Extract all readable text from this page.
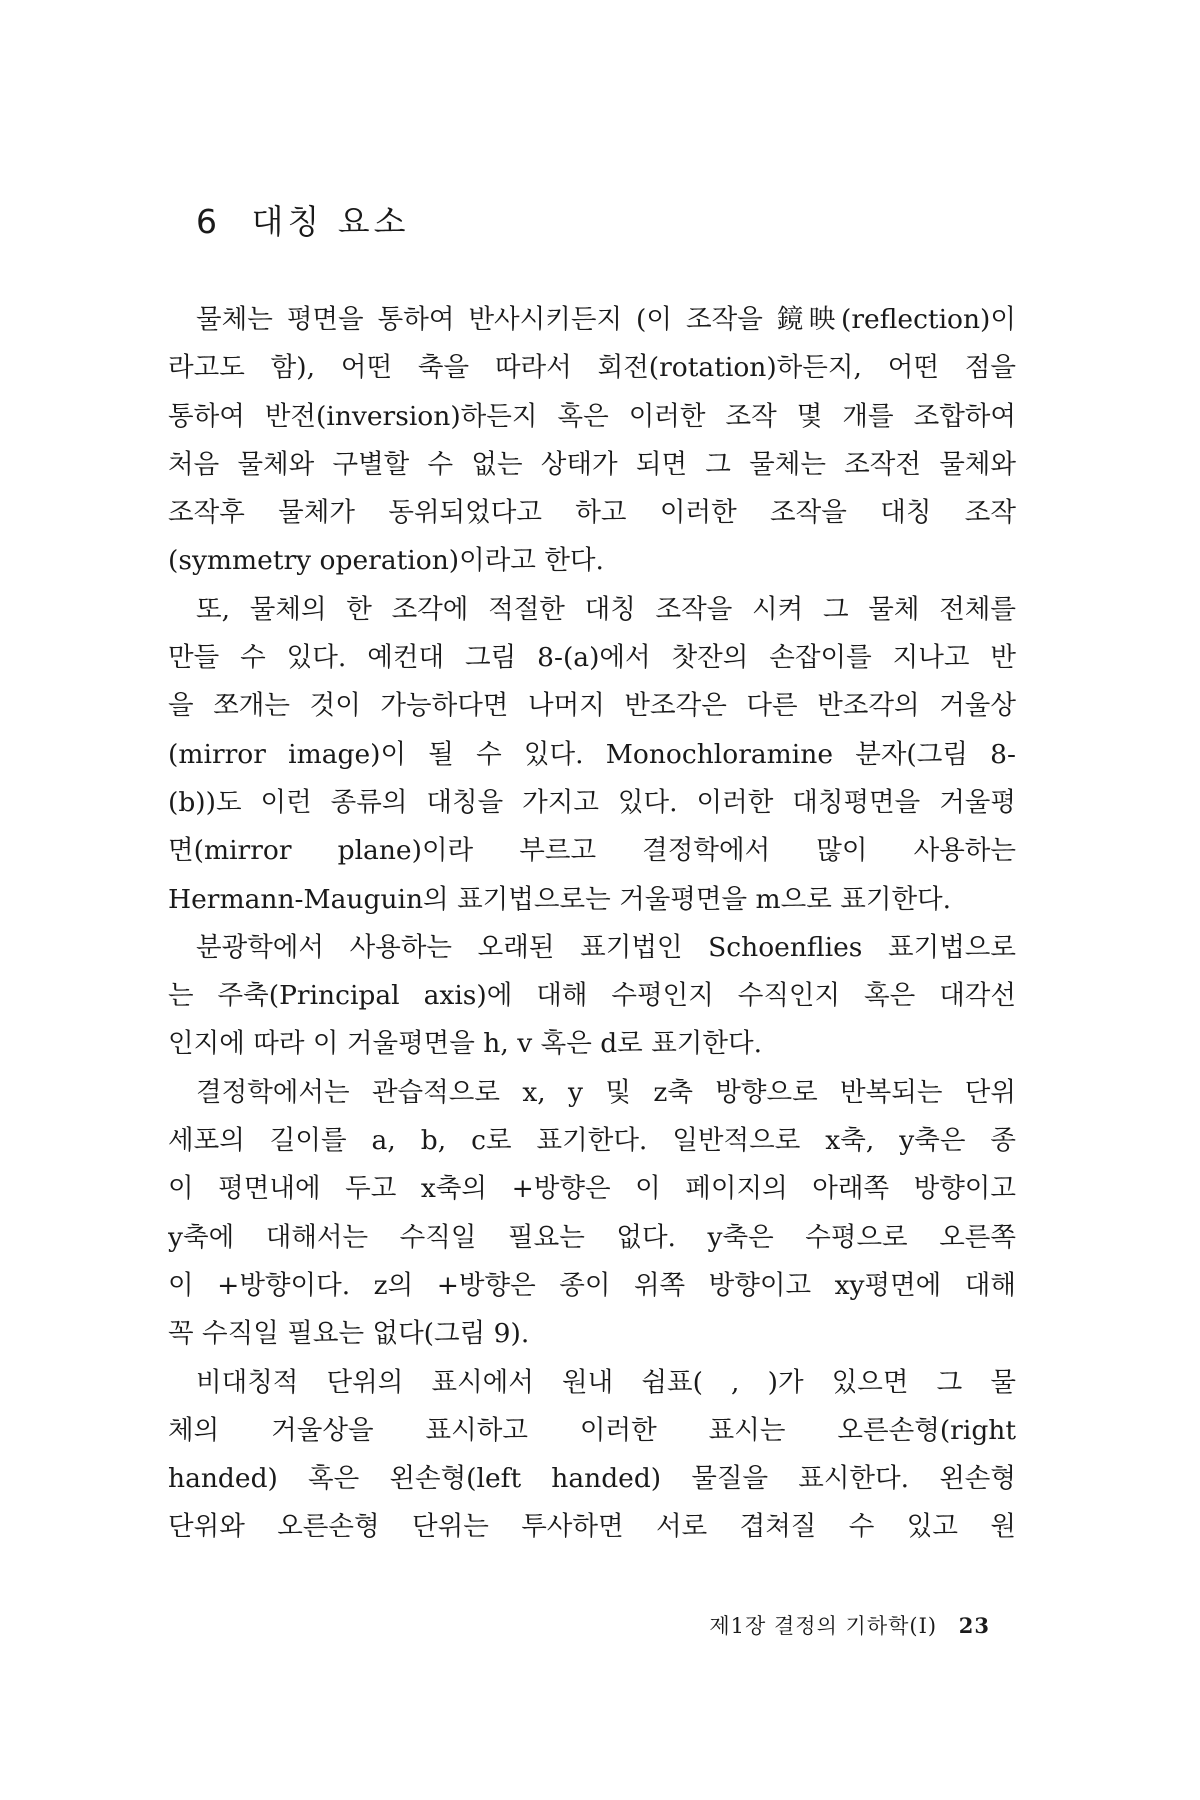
6 대칭 요소
물체는 평면을 통하여 반사시키든지 (이 조작을 鏡映(reflection)이
라고도 함), 어떤 축을 따라서 회전(rotation)하든지, 어떤 점을
통하여 반전(inversion)하든지 혹은 이러한 조작 몇 개를 조합하여
처음 물체와 구별할 수 없는 상태가 되면 그 물체는 조작전 물체와
조작후 물체가 동위되었다고 하고 이러한 조작을 대칭 조작
(symmetry operation)이라고 한다.
또, 물체의 한 조각에 적절한 대칭 조작을 시켜 그 물체 전체를
만들 수 있다. 예컨대 그림 8-(a)에서 찻잔의 손잡이를 지나고 반
을 쪼개는 것이 가능하다면 나머지 반조각은 다른 반조각의 거울상
(mirror image)이 될 수 있다. Monochloramine 분자(그림 8-
(b))도 이런 종류의 대칭을 가지고 있다. 이러한 대칭평면을 거울평
면(mirror plane)이라 부르고 결정학에서 많이 사용하는
Hermann-Mauguin의 표기법으로는 거울평면을 m으로 표기한다.
분광학에서 사용하는 오래된 표기법인 Schoenflies 표기법으로
는 주축(Principal axis)에 대해 수평인지 수직인지 혹은 대각선
인지에 따라 이 거울평면을 h, v 혹은 d로 표기한다.
결정학에서는 관습적으로 x, y 및 z축 방향으로 반복되는 단위
세포의 길이를 a, b, c로 표기한다. 일반적으로 x축, y축은 종
이 평면내에 두고 x축의 +방향은 이 페이지의 아래쪽 방향이고
y축에 대해서는 수직일 필요는 없다. y축은 수평으로 오른쪽
이 +방향이다. z의 +방향은 종이 위쪽 방향이고 xy평면에 대해
꼭 수직일 필요는 없다(그림 9).
비대칭적 단위의 표시에서 원내 쉼표( , )가 있으면 그 물
체의 거울상을 표시하고 이러한 표시는 오른손형(right
handed) 혹은 왼손형(left handed) 물질을 표시한다. 왼손형
단위와 오른손형 단위는 투사하면 서로 겹쳐질 수 있고 원
제1장 결정의 기하학(I) 23
